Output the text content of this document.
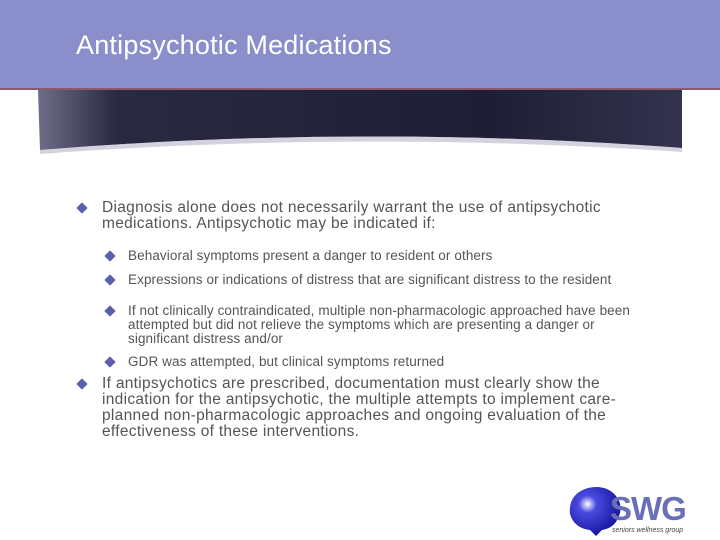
Antipsychotic Medications
Diagnosis alone does not necessarily warrant the use of antipsychotic medications. Antipsychotic may be indicated if:
Behavioral symptoms present a danger to resident or others
Expressions or indications of distress that are significant distress to the resident
If not clinically contraindicated, multiple non-pharmacologic approached have been attempted but did not relieve the symptoms which are presenting a danger or significant distress and/or
GDR was attempted, but clinical symptoms returned
If antipsychotics are prescribed, documentation must clearly show the indication for the antipsychotic, the multiple attempts to implement care-planned non-pharmacologic approaches and ongoing evaluation of the effectiveness of these interventions.
SWG
seniors wellness group
